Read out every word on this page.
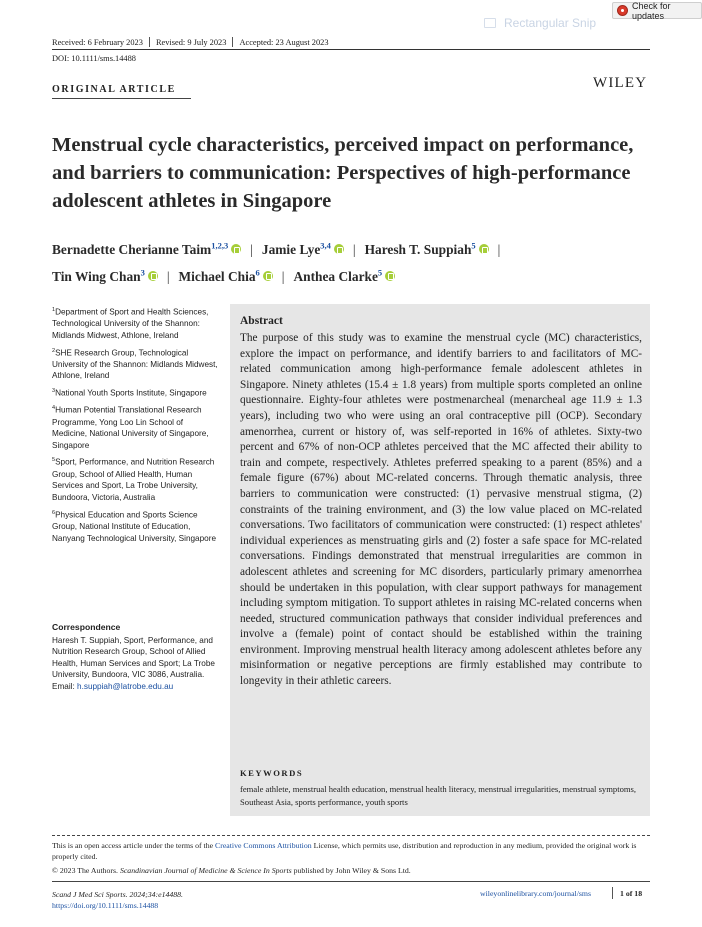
Rectangular Snip
Check for updates
Received: 6 February 2023 Revised: 9 July 2023 Accepted: 23 August 2023
DOI: 10.1111/sms.14488
ORIGINAL ARTICLE	WILEY
Menstrual cycle characteristics, perceived impact on performance, and barriers to communication: Perspectives of high-performance adolescent athletes in Singapore
Bernadette Cherianne Taim$^{1,2,3}$ | Jamie Lye$^{3,4}$ | Haresh T. Suppiah$^5$ |
Tin Wing Chan$^3$ | Michael Chia$^6$ | Anthea Clarke$^5$
$^1$Department of Sport and Health Sciences, Technological University of the Shannon: Midlands Midwest, Athlone, Ireland
$^2$SHE Research Group, Technological University of the Shannon: Midlands Midwest, Athlone, Ireland
$^3$National Youth Sports Institute, Singapore
$^4$Human Potential Translational Research Programme, Yong Loo Lin School of Medicine, National University of Singapore, Singapore
$^5$Sport, Performance, and Nutrition Research Group, School of Allied Health, Human Services and Sport, La Trobe University, Bundoora, Victoria, Australia
$^6$Physical Education and Sports Science Group, National Institute of Education, Nanyang Technological University, Singapore
Correspondence
Haresh T. Suppiah, Sport, Performance, and Nutrition Research Group, School of Allied Health, Human Services and Sport; La Trobe University, Bundoora, VIC 3086, Australia.
Email: h.suppiah@latrobe.edu.au
Abstract
The purpose of this study was to examine the menstrual cycle (MC) characteristics, explore the impact on performance, and identify barriers to and facilitators of MC-related communication among high-performance female adolescent athletes in Singapore. Ninety athletes (15.4 ± 1.8 years) from multiple sports completed an online questionnaire. Eighty-four athletes were postmenarcheal (menarcheal age 11.9 ± 1.3 years), including two who were using an oral contraceptive pill (OCP). Secondary amenorrhea, current or history of, was self-reported in 16% of athletes. Sixty-two percent and 67% of non-OCP athletes perceived that the MC affected their ability to train and compete, respectively. Athletes preferred speaking to a parent (85%) and a female figure (67%) about MC-related concerns. Through thematic analysis, three barriers to communication were constructed: (1) pervasive menstrual stigma, (2) constraints of the training environment, and (3) the low value placed on MC-related conversations. Two facilitators of communication were constructed: (1) respect athletes' individual experiences as menstruating girls and (2) foster a safe space for MC-related conversations. Findings demonstrated that menstrual irregularities are common in adolescent athletes and screening for MC disorders, particularly primary amenorrhea should be undertaken in this population, with clear support pathways for management including symptom mitigation. To support athletes in raising MC-related concerns when needed, structured communication pathways that consider individual preferences and involve a (female) point of contact should be established within the training environment. Improving menstrual health literacy among adolescent athletes before any misinformation or negative perceptions are firmly established may contribute to longevity in their athletic careers.
KEYWORDS
female athlete, menstrual health education, menstrual health literacy, menstrual irregularities, menstrual symptoms, Southeast Asia, sports performance, youth sports
This is an open access article under the terms of the Creative Commons Attribution License, which permits use, distribution and reproduction in any medium, provided the original work is properly cited.
© 2023 The Authors. Scandinavian Journal of Medicine & Science In Sports published by John Wiley & Sons Ltd.
Scand J Med Sci Sports. 2024;34:e14488.
https://doi.org/10.1111/sms.14488
wileyonlinelibrary.com/journal/sms	1 of 18
